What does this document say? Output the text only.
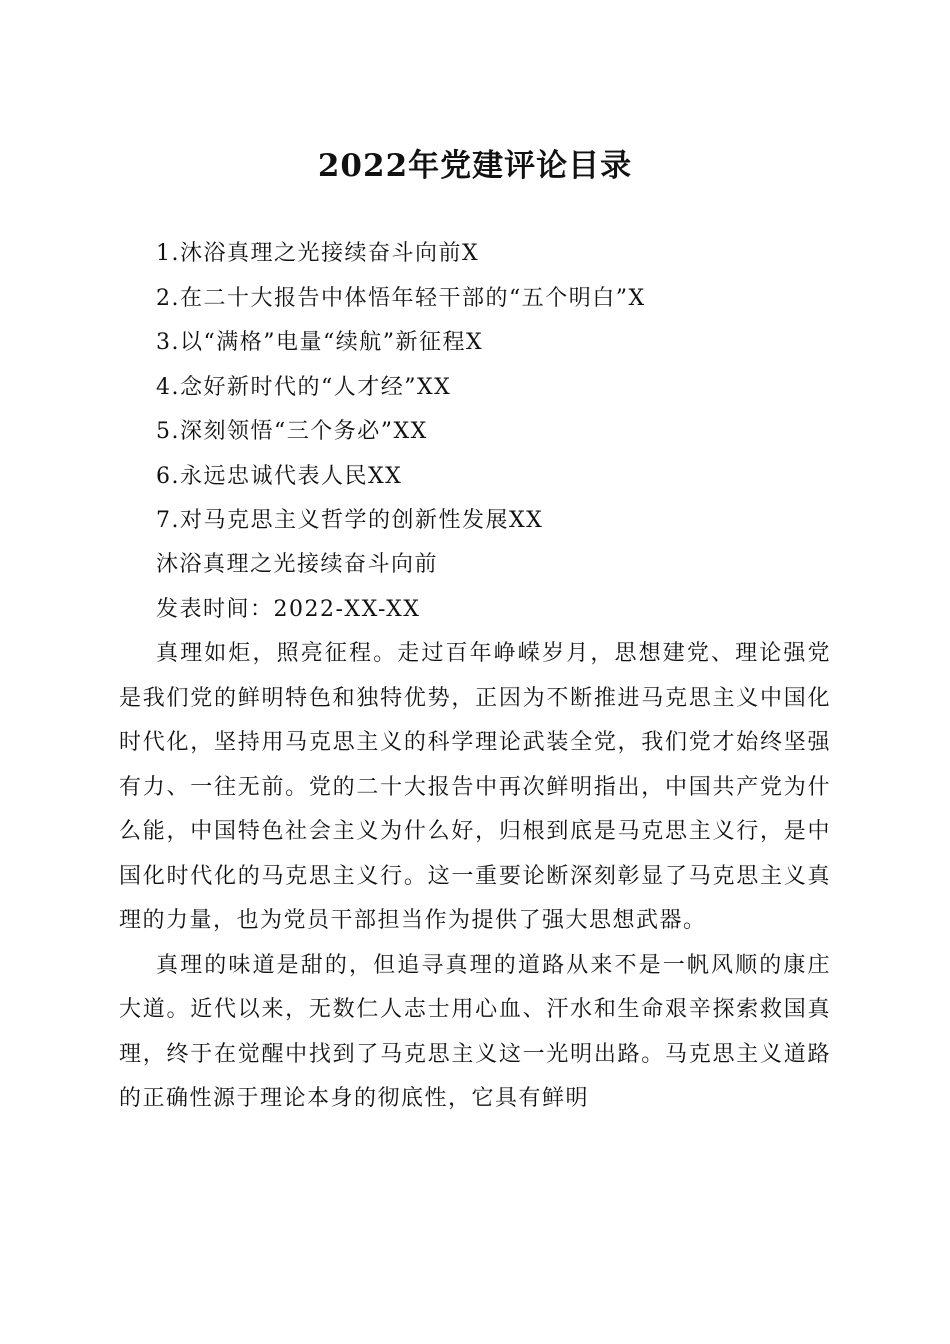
2022年党建评论目录
1.沐浴真理之光接续奋斗向前X
2.在二十大报告中体悟年轻干部的“五个明白”X
3.以“满格”电量“续航”新征程X
4.念好新时代的“人才经”XX
5.深刻领悟“三个务必”XX
6.永远忠诚代表人民XX
7.对马克思主义哲学的创新性发展XX

沐浴真理之光接续奋斗向前

发表时间：2022-XX-XX

真理如炬，照亮征程。走过百年峥嵘岁月，思想建党、理论强党是我们党的鲜明特色和独特优势，正因为不断推进马克思主义中国化时代化，坚持用马克思主义的科学理论武装全党，我们党才始终坚强有力、一往无前。党的二十大报告中再次鲜明指出，中国共产党为什么能，中国特色社会主义为什么好，归根到底是马克思主义行，是中国化时代化的马克思主义行。这一重要论断深刻彰显了马克思主义真理的力量，也为党员干部担当作为提供了强大思想武器。

真理的味道是甜的，但追寻真理的道路从来不是一帆风顺的康庄大道。近代以来，无数仁人志士用心血、汗水和生命艰辛探索救国真理，终于在觉醒中找到了马克思主义这一光明出路。马克思主义道路的正确性源于理论本身的彻底性，它具有鲜明
